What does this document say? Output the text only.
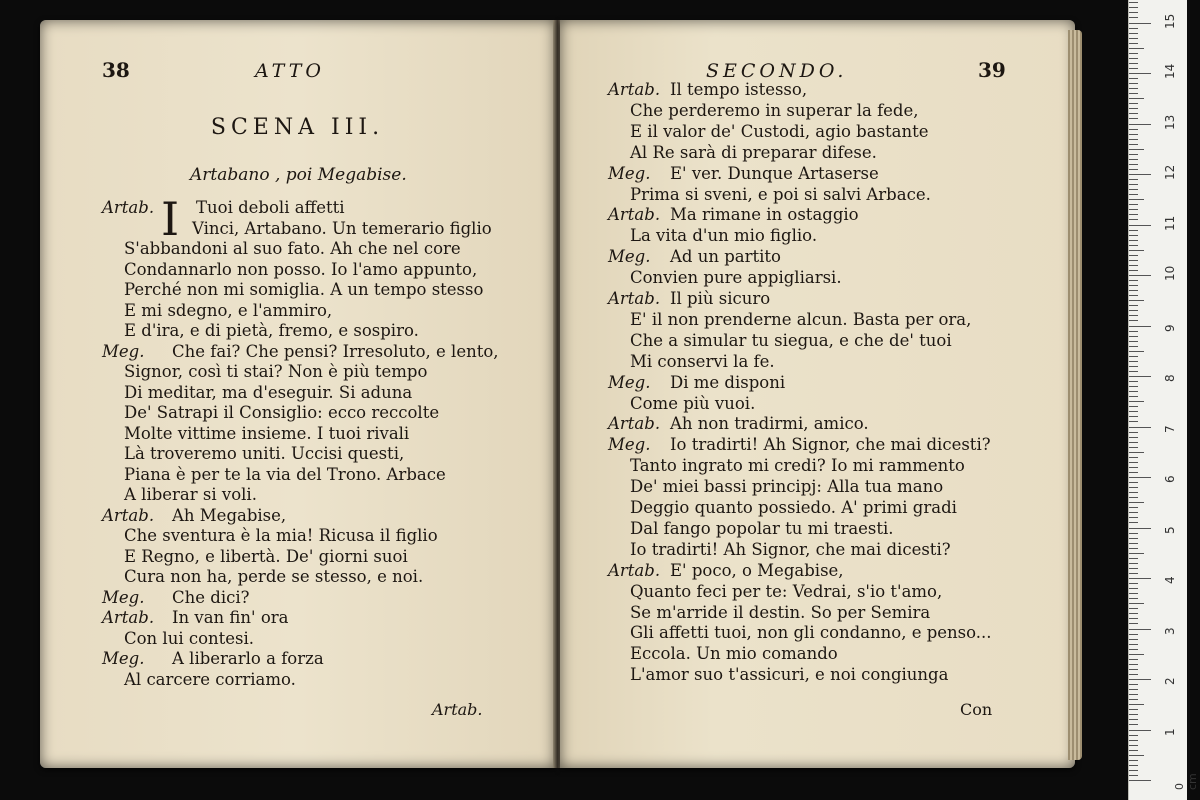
38	ATTO
SCENA III.
Artabano , poi Megabise.
I
Artab.	Tuoi deboli affetti
Vinci, Artabano. Un temerario figlio
S'abbandoni al suo fato. Ah che nel core
Condannarlo non posso. Io l'amo appunto,
Perché non mi somiglia. A un tempo stesso
E mi sdegno, e l'ammiro,
E d'ira, e di pietà, fremo, e sospiro.
Meg. Che fai? Che pensi? Irresoluto, e lento,
Signor, così ti stai? Non è più tempo
Di meditar, ma d'eseguir. Si aduna
De' Satrapi il Consiglio: ecco reccolte
Molte vittime insieme. I tuoi rivali
Là troveremo uniti. Uccisi questi,
Piana è per te la via del Trono. Arbace
A liberar si voli.
Artab. Ah Megabise,
Che sventura è la mia! Ricusa il figlio
E Regno, e libertà. De' giorni suoi
Cura non ha, perde se stesso, e noi.
Meg. Che dici?
Artab. In van fin' ora
Con lui contesi.
Meg. A liberarlo a forza
Al carcere corriamo.
Artab.
SECONDO.	39
Artab. Il tempo istesso,
Che perderemo in superar la fede,
E il valor de' Custodi, agio bastante
Al Re sarà di preparar difese.
Meg. E' ver. Dunque Artaserse
Prima si sveni, e poi si salvi Arbace.
Artab. Ma rimane in ostaggio
La vita d'un mio figlio.
Meg. Ad un partito
Convien pure appigliarsi.
Artab. Il più sicuro
E' il non prenderne alcun. Basta per ora,
Che a simular tu siegua, e che de' tuoi
Mi conservi la fe.
Meg. Di me disponi
Come più vuoi.
Artab. Ah non tradirmi, amico.
Meg. Io tradirti! Ah Signor, che mai dicesti?
Tanto ingrato mi credi? Io mi rammento
De' miei bassi principj: Alla tua mano
Deggio quanto possiedo. A' primi gradi
Dal fango popolar tu mi traesti.
Io tradirti! Ah Signor, che mai dicesti?
Artab. E' poco, o Megabise,
Quanto feci per te: Vedrai, s'io t'amo,
Se m'arride il destin. So per Semira
Gli affetti tuoi, non gli condanno, e penso...
Eccola. Un mio comando
L'amor suo t'assicuri, e noi congiunga
Con
1
2
3
4
5
6
7
8
9
10
11
12
13
14
15
0 cm
